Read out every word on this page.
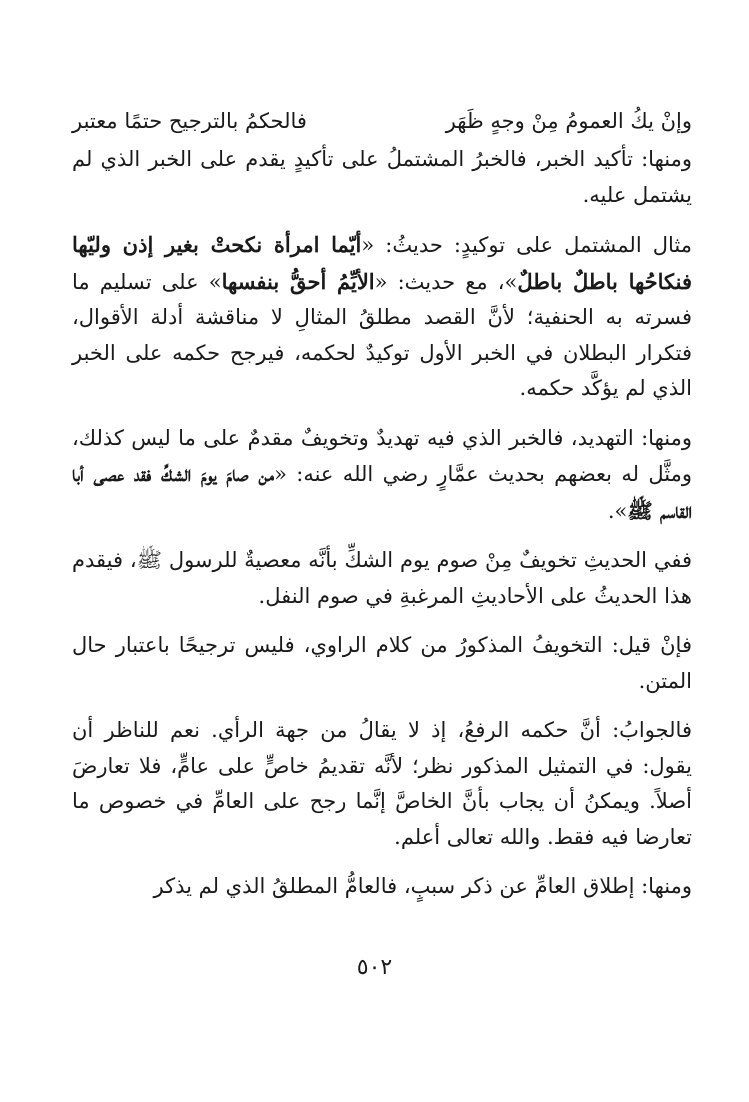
وإنْ يكُ العمومُ مِنْ وجهٍ ظَهَر
فالحكمُ بالترجيح حتمًا معتبر

ومنها: تأكيد الخبر، فالخبرُ المشتملُ على تأكيدٍ يقدم على الخبر الذي لم يشتمل عليه.

مثال المشتمل على توكيدٍ: حديثُ: «أيّما امرأة نكحتْ بغير إذن وليّها فنكاحُها باطلٌ باطلٌ»، مع حديث: «الأيِّمُ أحقُّ بنفسها» على تسليم ما فسرته به الحنفية؛ لأنَّ القصد مطلقُ المثالِ لا مناقشة أدلة الأقوال، فتكرار البطلان في الخبر الأول توكيدٌ لحكمه، فيرجح حكمه على الخبر الذي لم يؤكَّد حكمه.

ومنها: التهديد، فالخبر الذي فيه تهديدٌ وتخويفٌ مقدمٌ على ما ليس كذلك، ومثَّل له بعضهم بحديث عمَّارٍ رضي الله عنه: «من صامَ يومَ الشكِّ فقد عصى أبا القاسم ﷺ».

ففي الحديثِ تخويفٌ مِنْ صوم يوم الشكِّ بأنَّه معصيةٌ للرسول ﷺ، فيقدم هذا الحديثُ على الأحاديثِ المرغبةِ في صوم النفل.

فإنْ قيل: التخويفُ المذكورُ من كلام الراوي، فليس ترجيحًا باعتبار حال المتن.

فالجوابُ: أنَّ حكمه الرفعُ، إذ لا يقالُ من جهة الرأي. نعم للناظر أن يقول: في التمثيل المذكور نظر؛ لأنَّه تقديمُ خاصٍّ على عامٍّ، فلا تعارضَ أصلاً. ويمكنُ أن يجاب بأنَّ الخاصَّ إنَّما رجح على العامِّ في خصوص ما تعارضا فيه فقط. والله تعالى أعلم.

ومنها: إطلاق العامِّ عن ذكر سببٍ، فالعامُّ المطلقُ الذي لم يذكر

٥٠٢
